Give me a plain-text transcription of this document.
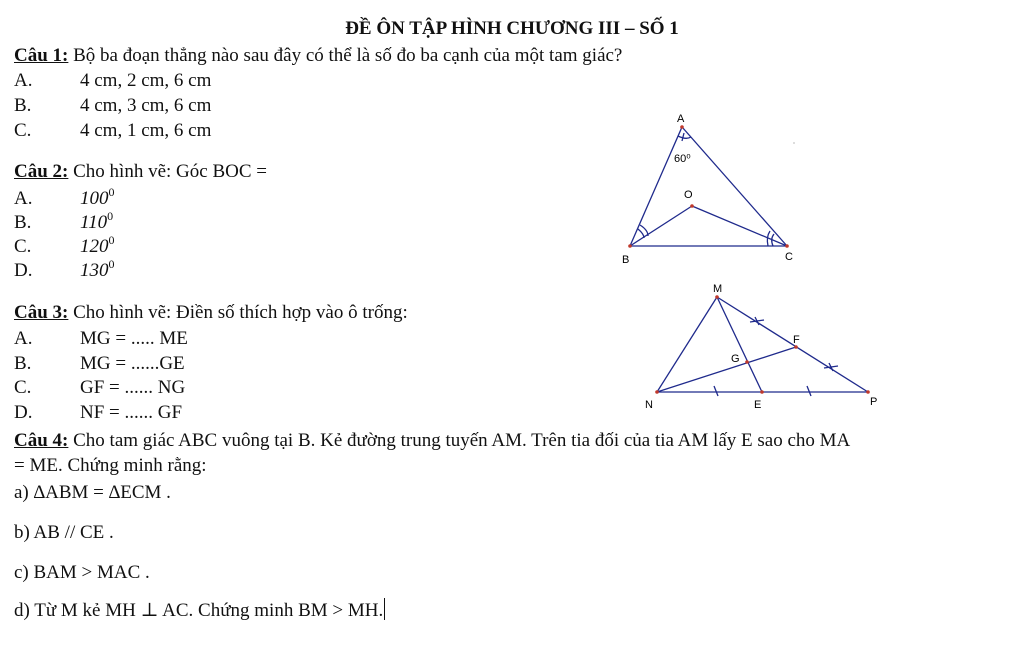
ĐỀ ÔN TẬP HÌNH CHƯƠNG III – SỐ 1
Câu 1: Bộ ba đoạn thẳng nào sau đây có thể là số đo ba cạnh của một tam giác?
A.	4 cm, 2 cm, 6 cm
B.	4 cm, 3 cm, 6 cm
C.	4 cm, 1 cm, 6 cm
Câu 2: Cho hình vẽ: Góc BOC =
A.	$100^0$
B.	$110^0$
C.	$120^0$
D.	$130^0$
Câu 3: Cho hình vẽ: Điền số thích hợp vào ô trống:
A.	MG = ..... ME
B.	MG = ......GE
C.	GF = ...... NG
D.	NF = ...... GF
Câu 4: Cho tam giác ABC vuông tại B. Kẻ đường trung tuyến AM. Trên tia đối của tia AM lấy E sao cho MA
= ME. Chứng minh rằng:
a) ∆ABM = ∆ECM .
b) AB // CE .
c) BAM > MAC .
d) Từ M kẻ MH ⊥ AC. Chứng minh BM > MH.
A
B	C
O
60⁰
M
N	P
E
F
G
